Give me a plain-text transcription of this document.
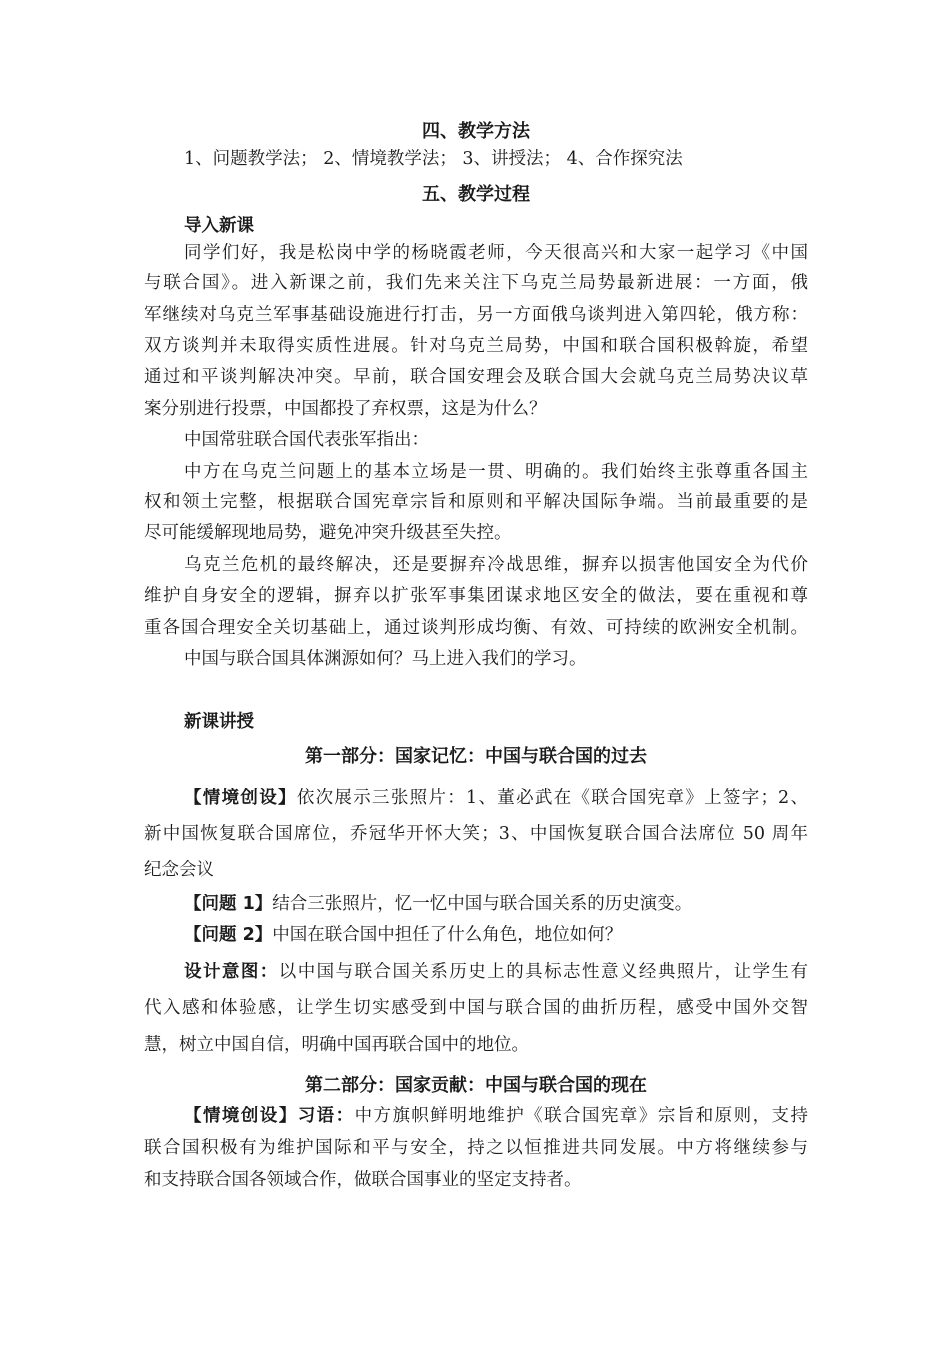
四、教学方法
1、问题教学法； 2、情境教学法； 3、讲授法； 4、合作探究法
五、教学过程
导入新课
同学们好，我是松岗中学的杨晓霞老师，今天很高兴和大家一起学习《中国
与联合国》。进入新课之前，我们先来关注下乌克兰局势最新进展：一方面，俄
军继续对乌克兰军事基础设施进行打击，另一方面俄乌谈判进入第四轮，俄方称：
双方谈判并未取得实质性进展。针对乌克兰局势，中国和联合国积极斡旋，希望
通过和平谈判解决冲突。早前，联合国安理会及联合国大会就乌克兰局势决议草
案分别进行投票，中国都投了弃权票，这是为什么？
中国常驻联合国代表张军指出：
中方在乌克兰问题上的基本立场是一贯、明确的。我们始终主张尊重各国主
权和领土完整，根据联合国宪章宗旨和原则和平解决国际争端。当前最重要的是
尽可能缓解现地局势，避免冲突升级甚至失控。
乌克兰危机的最终解决，还是要摒弃冷战思维，摒弃以损害他国安全为代价
维护自身安全的逻辑，摒弃以扩张军事集团谋求地区安全的做法，要在重视和尊
重各国合理安全关切基础上，通过谈判形成均衡、有效、可持续的欧洲安全机制。
中国与联合国具体渊源如何？马上进入我们的学习。
新课讲授
第一部分：国家记忆：中国与联合国的过去
【情境创设】依次展示三张照片：1、董必武在《联合国宪章》上签字；2、
新中国恢复联合国席位，乔冠华开怀大笑；3、中国恢复联合国合法席位 50 周年
纪念会议
【问题 1】结合三张照片，忆一忆中国与联合国关系的历史演变。
【问题 2】中国在联合国中担任了什么角色，地位如何？
设计意图：以中国与联合国关系历史上的具标志性意义经典照片，让学生有
代入感和体验感，让学生切实感受到中国与联合国的曲折历程，感受中国外交智
慧，树立中国自信，明确中国再联合国中的地位。
第二部分：国家贡献：中国与联合国的现在
【情境创设】习语：中方旗帜鲜明地维护《联合国宪章》宗旨和原则，支持
联合国积极有为维护国际和平与安全，持之以恒推进共同发展。中方将继续参与
和支持联合国各领域合作，做联合国事业的坚定支持者。
